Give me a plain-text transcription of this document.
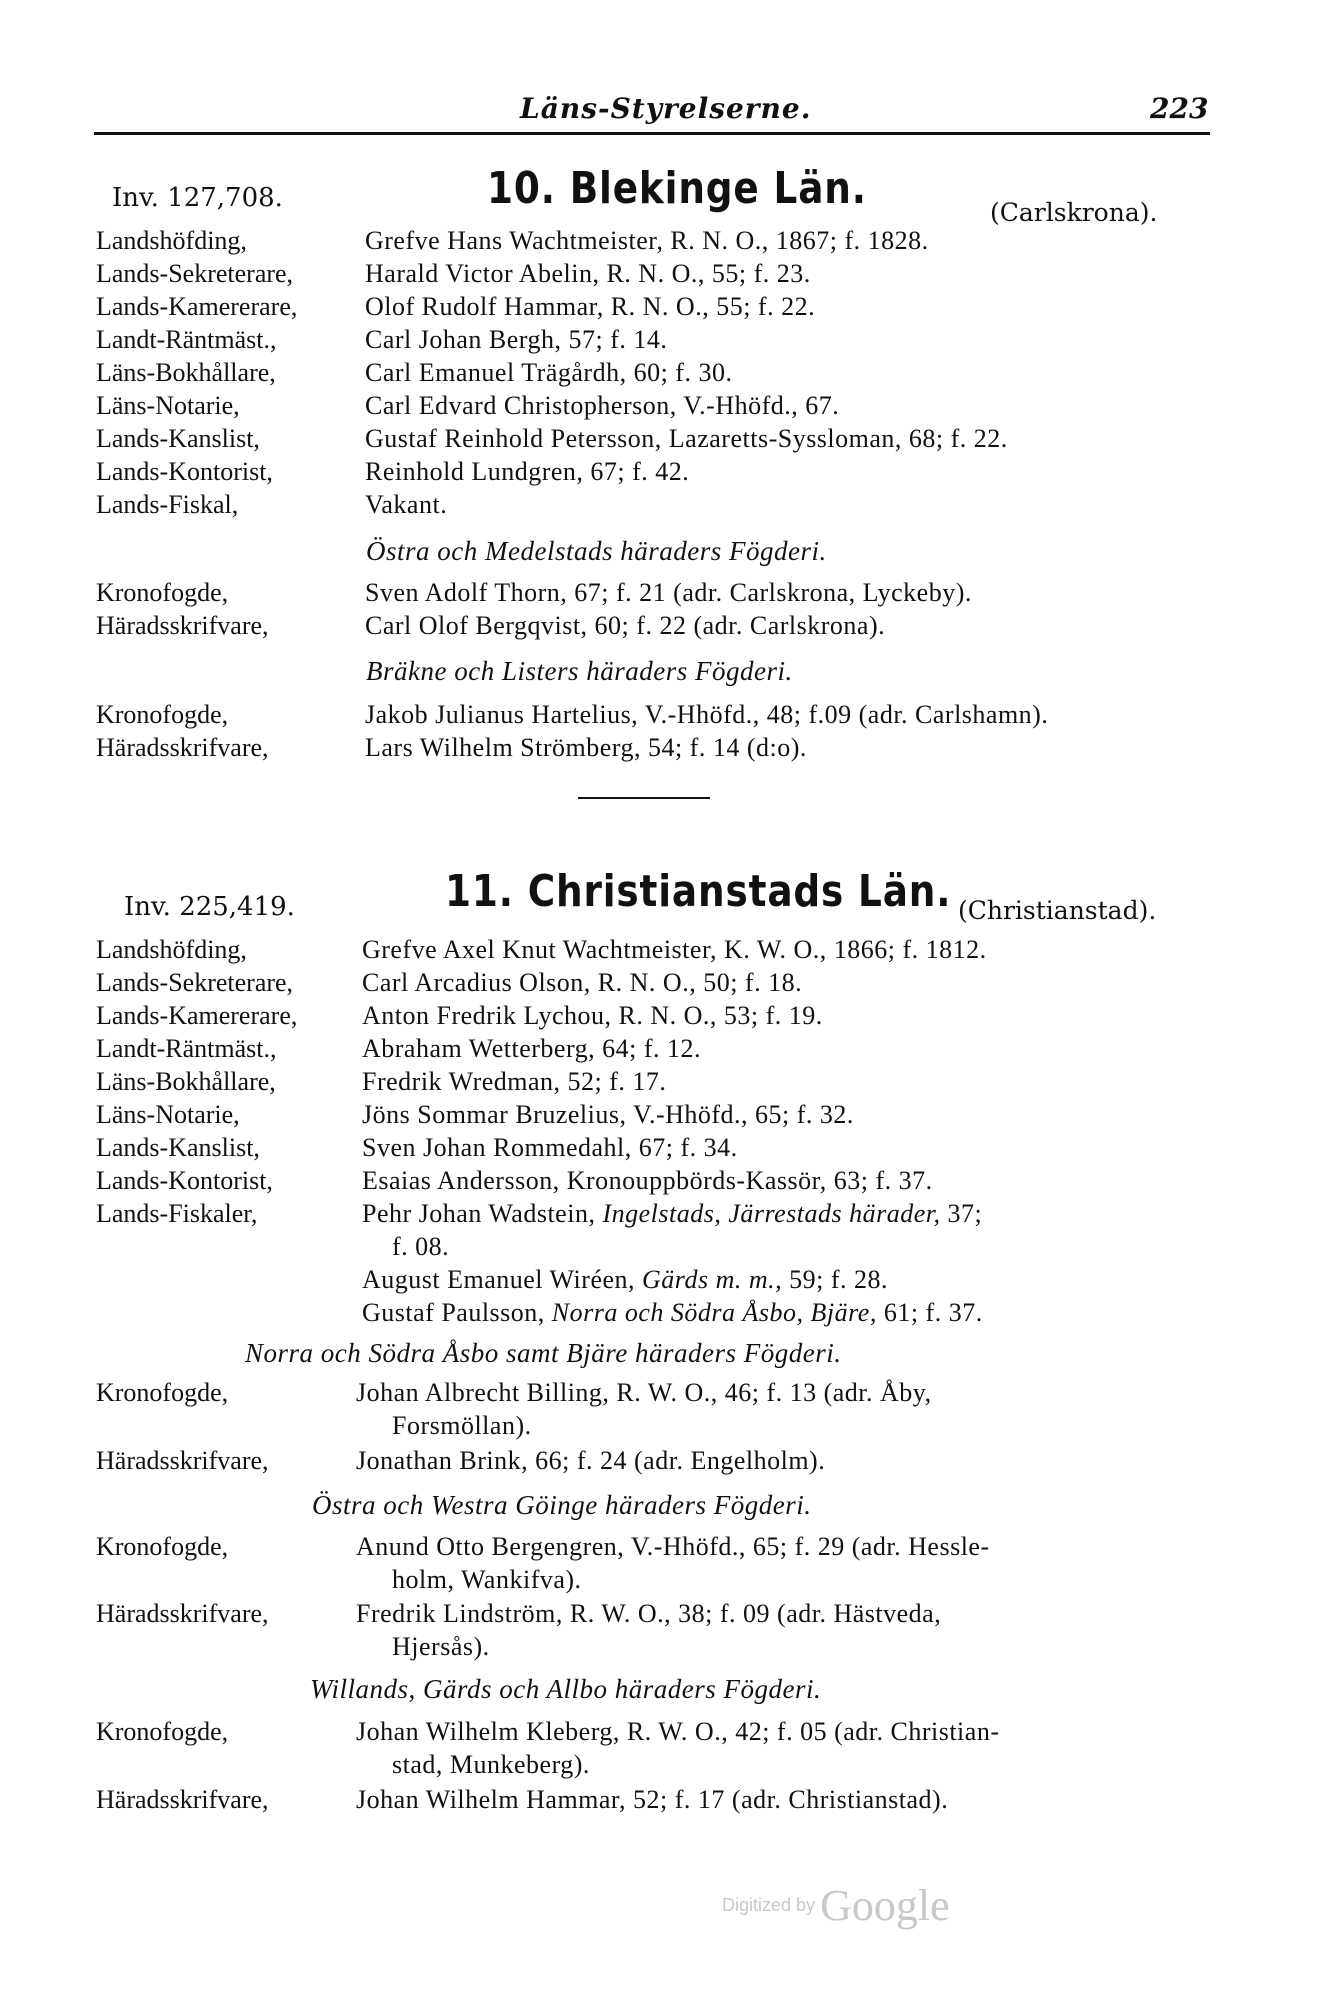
Läns-Styrelserne.	223
Inv. 127,708.	10. Blekinge Län.	(Carlskrona).
Landshöfding,	Grefve Hans Wachtmeister, R. N. O., 1867; f. 1828.
Lands-Sekreterare,	Harald Victor Abelin, R. N. O., 55; f. 23.
Lands-Kamererare,	Olof Rudolf Hammar, R. N. O., 55; f. 22.
Landt-Räntmäst.,	Carl Johan Bergh, 57; f. 14.
Läns-Bokhållare,	Carl Emanuel Trägårdh, 60; f. 30.
Läns-Notarie,	Carl Edvard Christopherson, V.-Hhöfd., 67.
Lands-Kanslist,	Gustaf Reinhold Petersson, Lazaretts-Syssloman, 68; f. 22.
Lands-Kontorist,	Reinhold Lundgren, 67; f. 42.
Lands-Fiskal,	Vakant.
Östra och Medelstads häraders Fögderi.
Kronofogde,	Sven Adolf Thorn, 67; f. 21 (adr. Carlskrona, Lyckeby).
Häradsskrifvare,	Carl Olof Bergqvist, 60; f. 22 (adr. Carlskrona).
Bräkne och Listers häraders Fögderi.
Kronofogde,	Jakob Julianus Hartelius, V.-Hhöfd., 48; f.09 (adr. Carlshamn).
Häradsskrifvare,	Lars Wilhelm Strömberg, 54; f. 14 (d:o).
Inv. 225,419.	11. Christianstads Län. (Christianstad).
Landshöfding,	Grefve Axel Knut Wachtmeister, K. W. O., 1866; f. 1812.
Lands-Sekreterare,	Carl Arcadius Olson, R. N. O., 50; f. 18.
Lands-Kamererare, Anton Fredrik Lychou, R. N. O., 53; f. 19.
Landt-Räntmäst.,	Abraham Wetterberg, 64; f. 12.
Läns-Bokhållare,	Fredrik Wredman, 52; f. 17.
Läns-Notarie,	Jöns Sommar Bruzelius, V.-Hhöfd., 65; f. 32.
Lands-Kanslist,	Sven Johan Rommedahl, 67; f. 34.
Lands-Kontorist,	Esaias Andersson, Kronouppbörds-Kassör, 63; f. 37.
Lands-Fiskaler,	Pehr Johan Wadstein, Ingelstads, Järrestads härader, 37;
f. 08.
August Emanuel Wiréen, Gärds m. m., 59; f. 28.
Gustaf Paulsson, Norra och Södra Åsbo, Bjäre, 61; f. 37.
Norra och Södra Åsbo samt Bjäre häraders Fögderi.
Kronofogde,	Johan Albrecht Billing, R. W. O., 46; f. 13 (adr. Åby,
Forsmöllan).
Häradsskrifvare,	Jonathan Brink, 66; f. 24 (adr. Engelholm).
Östra och Westra Göinge häraders Fögderi.
Kronofogde,	Anund Otto Bergengren, V.-Hhöfd., 65; f. 29 (adr. Hessle-
holm, Wankifva).
Häradsskrifvare,	Fredrik Lindström, R. W. O., 38; f. 09 (adr. Hästveda,
Hjersås).
Willands, Gärds och Allbo häraders Fögderi.
Kronofogde,	Johan Wilhelm Kleberg, R. W. O., 42; f. 05 (adr. Christian-
stad, Munkeberg).
Häradsskrifvare,	Johan Wilhelm Hammar, 52; f. 17 (adr. Christianstad).
Digitized by Google
